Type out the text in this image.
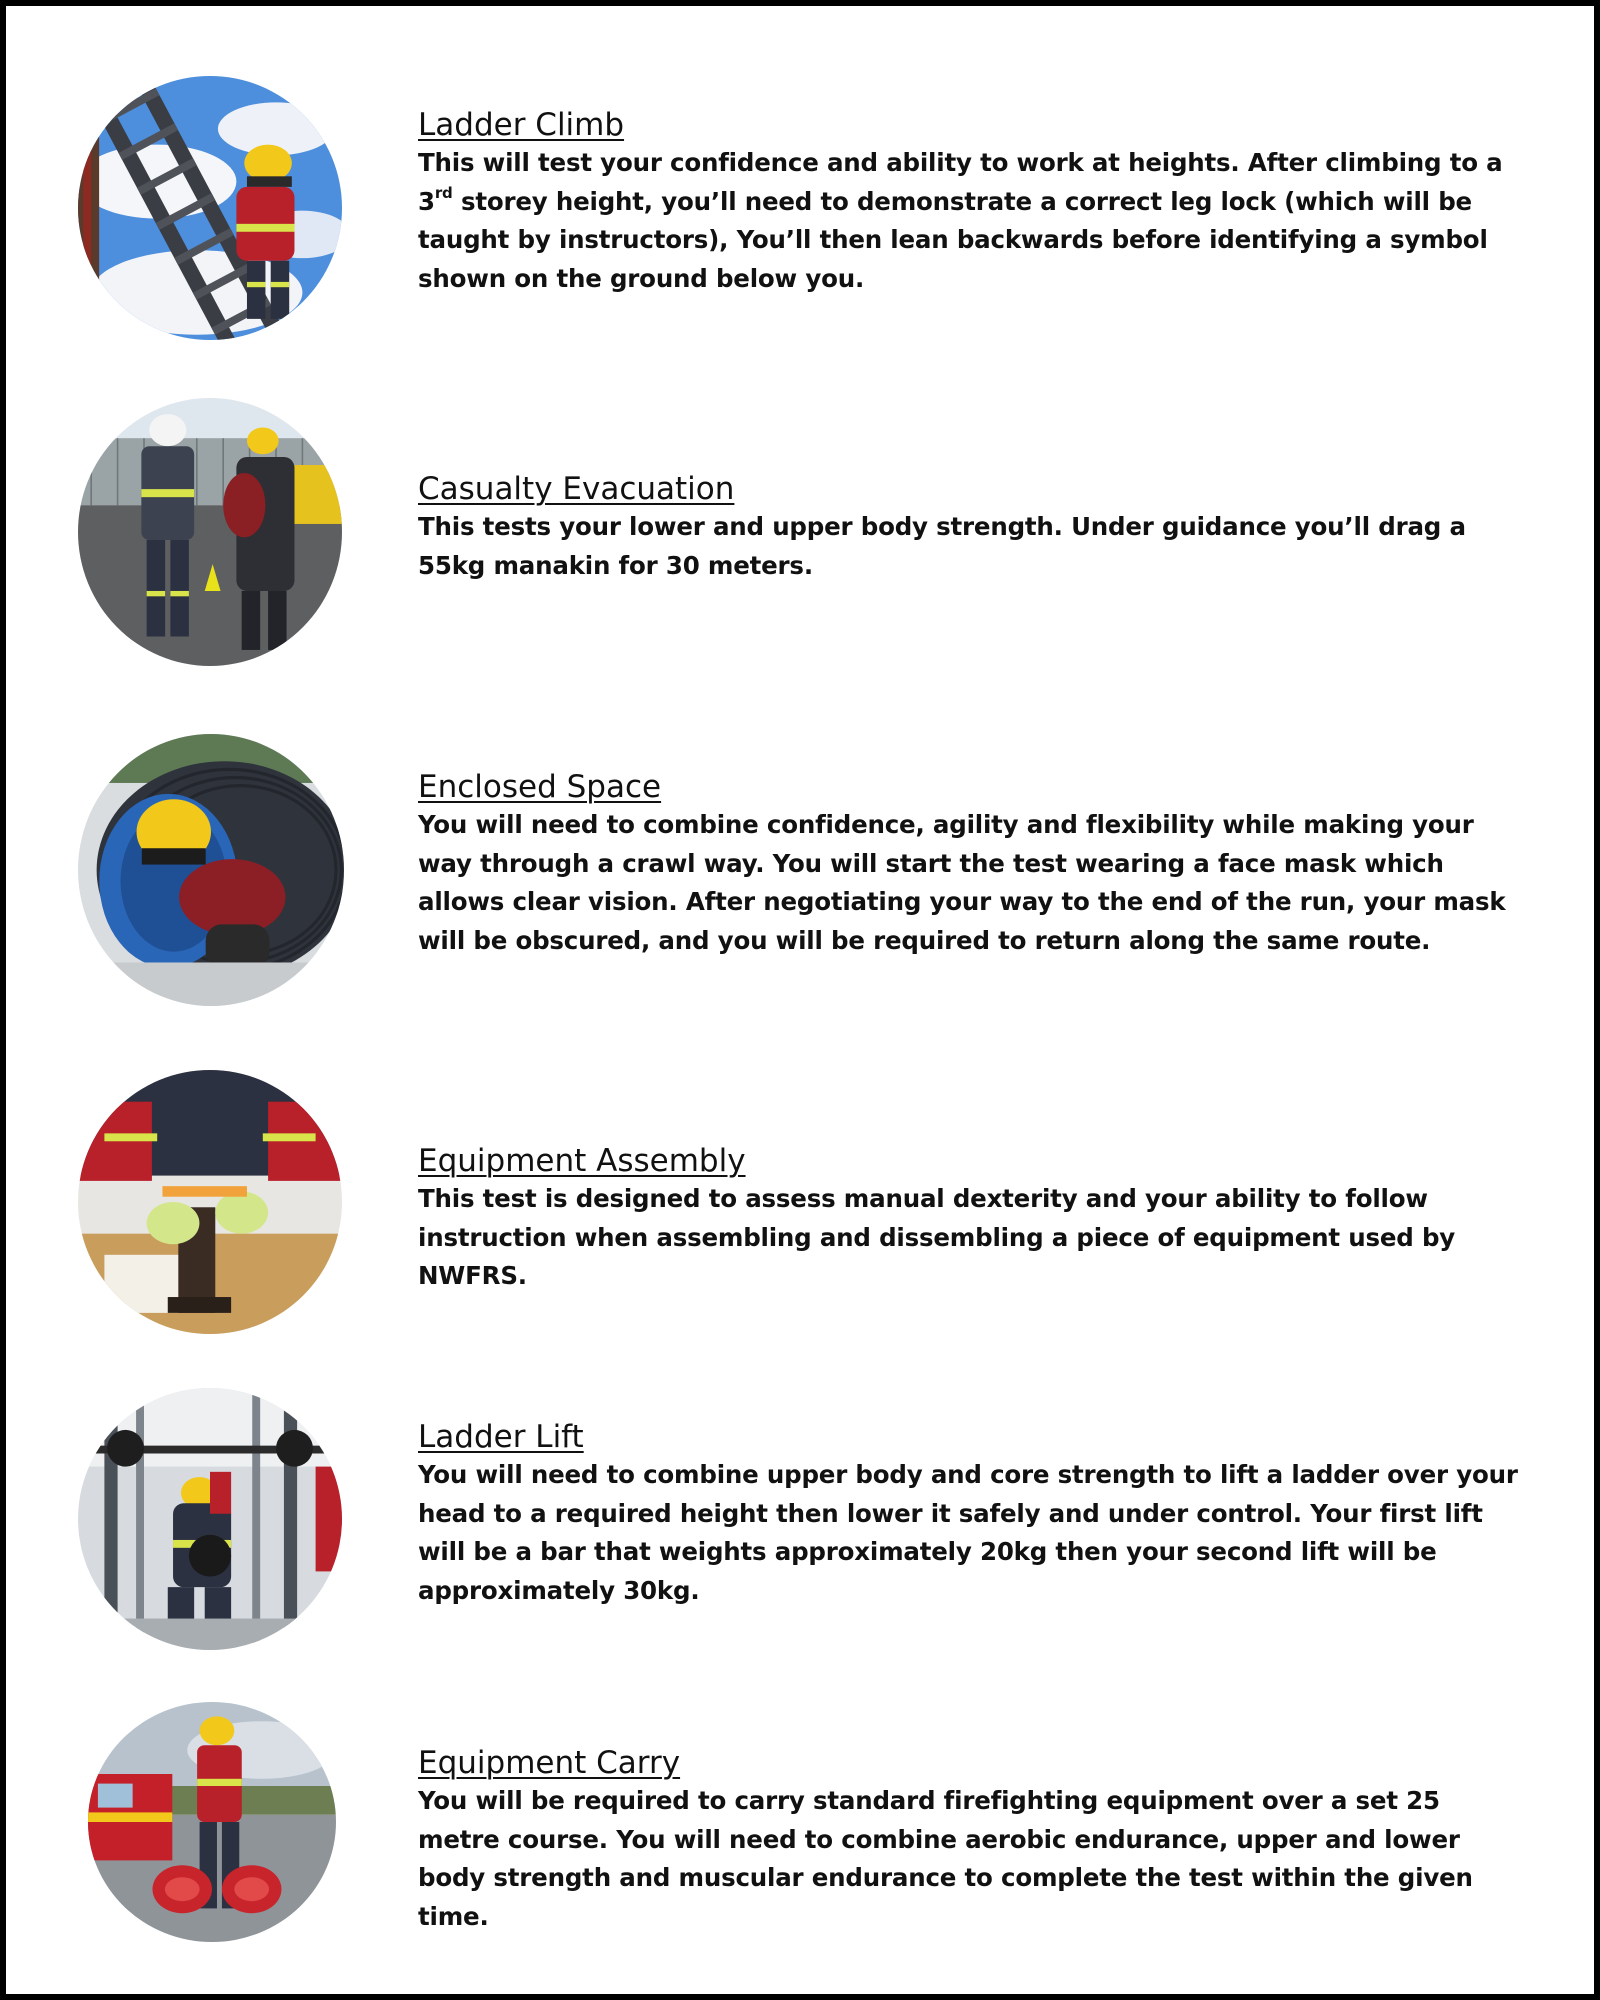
Ladder Climb

This will test your confidence and ability to work at heights. After climbing to a 3rd storey height, you’ll need to demonstrate a correct leg lock (which will be taught by instructors), You’ll then lean backwards before identifying a symbol shown on the ground below you.

Casualty Evacuation

This tests your lower and upper body strength. Under guidance you’ll drag a 55kg manakin for 30 meters.

Enclosed Space

You will need to combine confidence, agility and flexibility while making your way through a crawl way. You will start the test wearing a face mask which allows clear vision. After negotiating your way to the end of the run, your mask will be obscured, and you will be required to return along the same route.

Equipment Assembly

This test is designed to assess manual dexterity and your ability to follow instruction when assembling and dissembling a piece of equipment used by NWFRS.

Ladder Lift

You will need to combine upper body and core strength to lift a ladder over your head to a required height then lower it safely and under control. Your first lift will be a bar that weights approximately 20kg then your second lift will be approximately 30kg.

Equipment Carry

You will be required to carry standard firefighting equipment over a set 25 metre course. You will need to combine aerobic endurance, upper and lower body strength and muscular endurance to complete the test within the given time.
